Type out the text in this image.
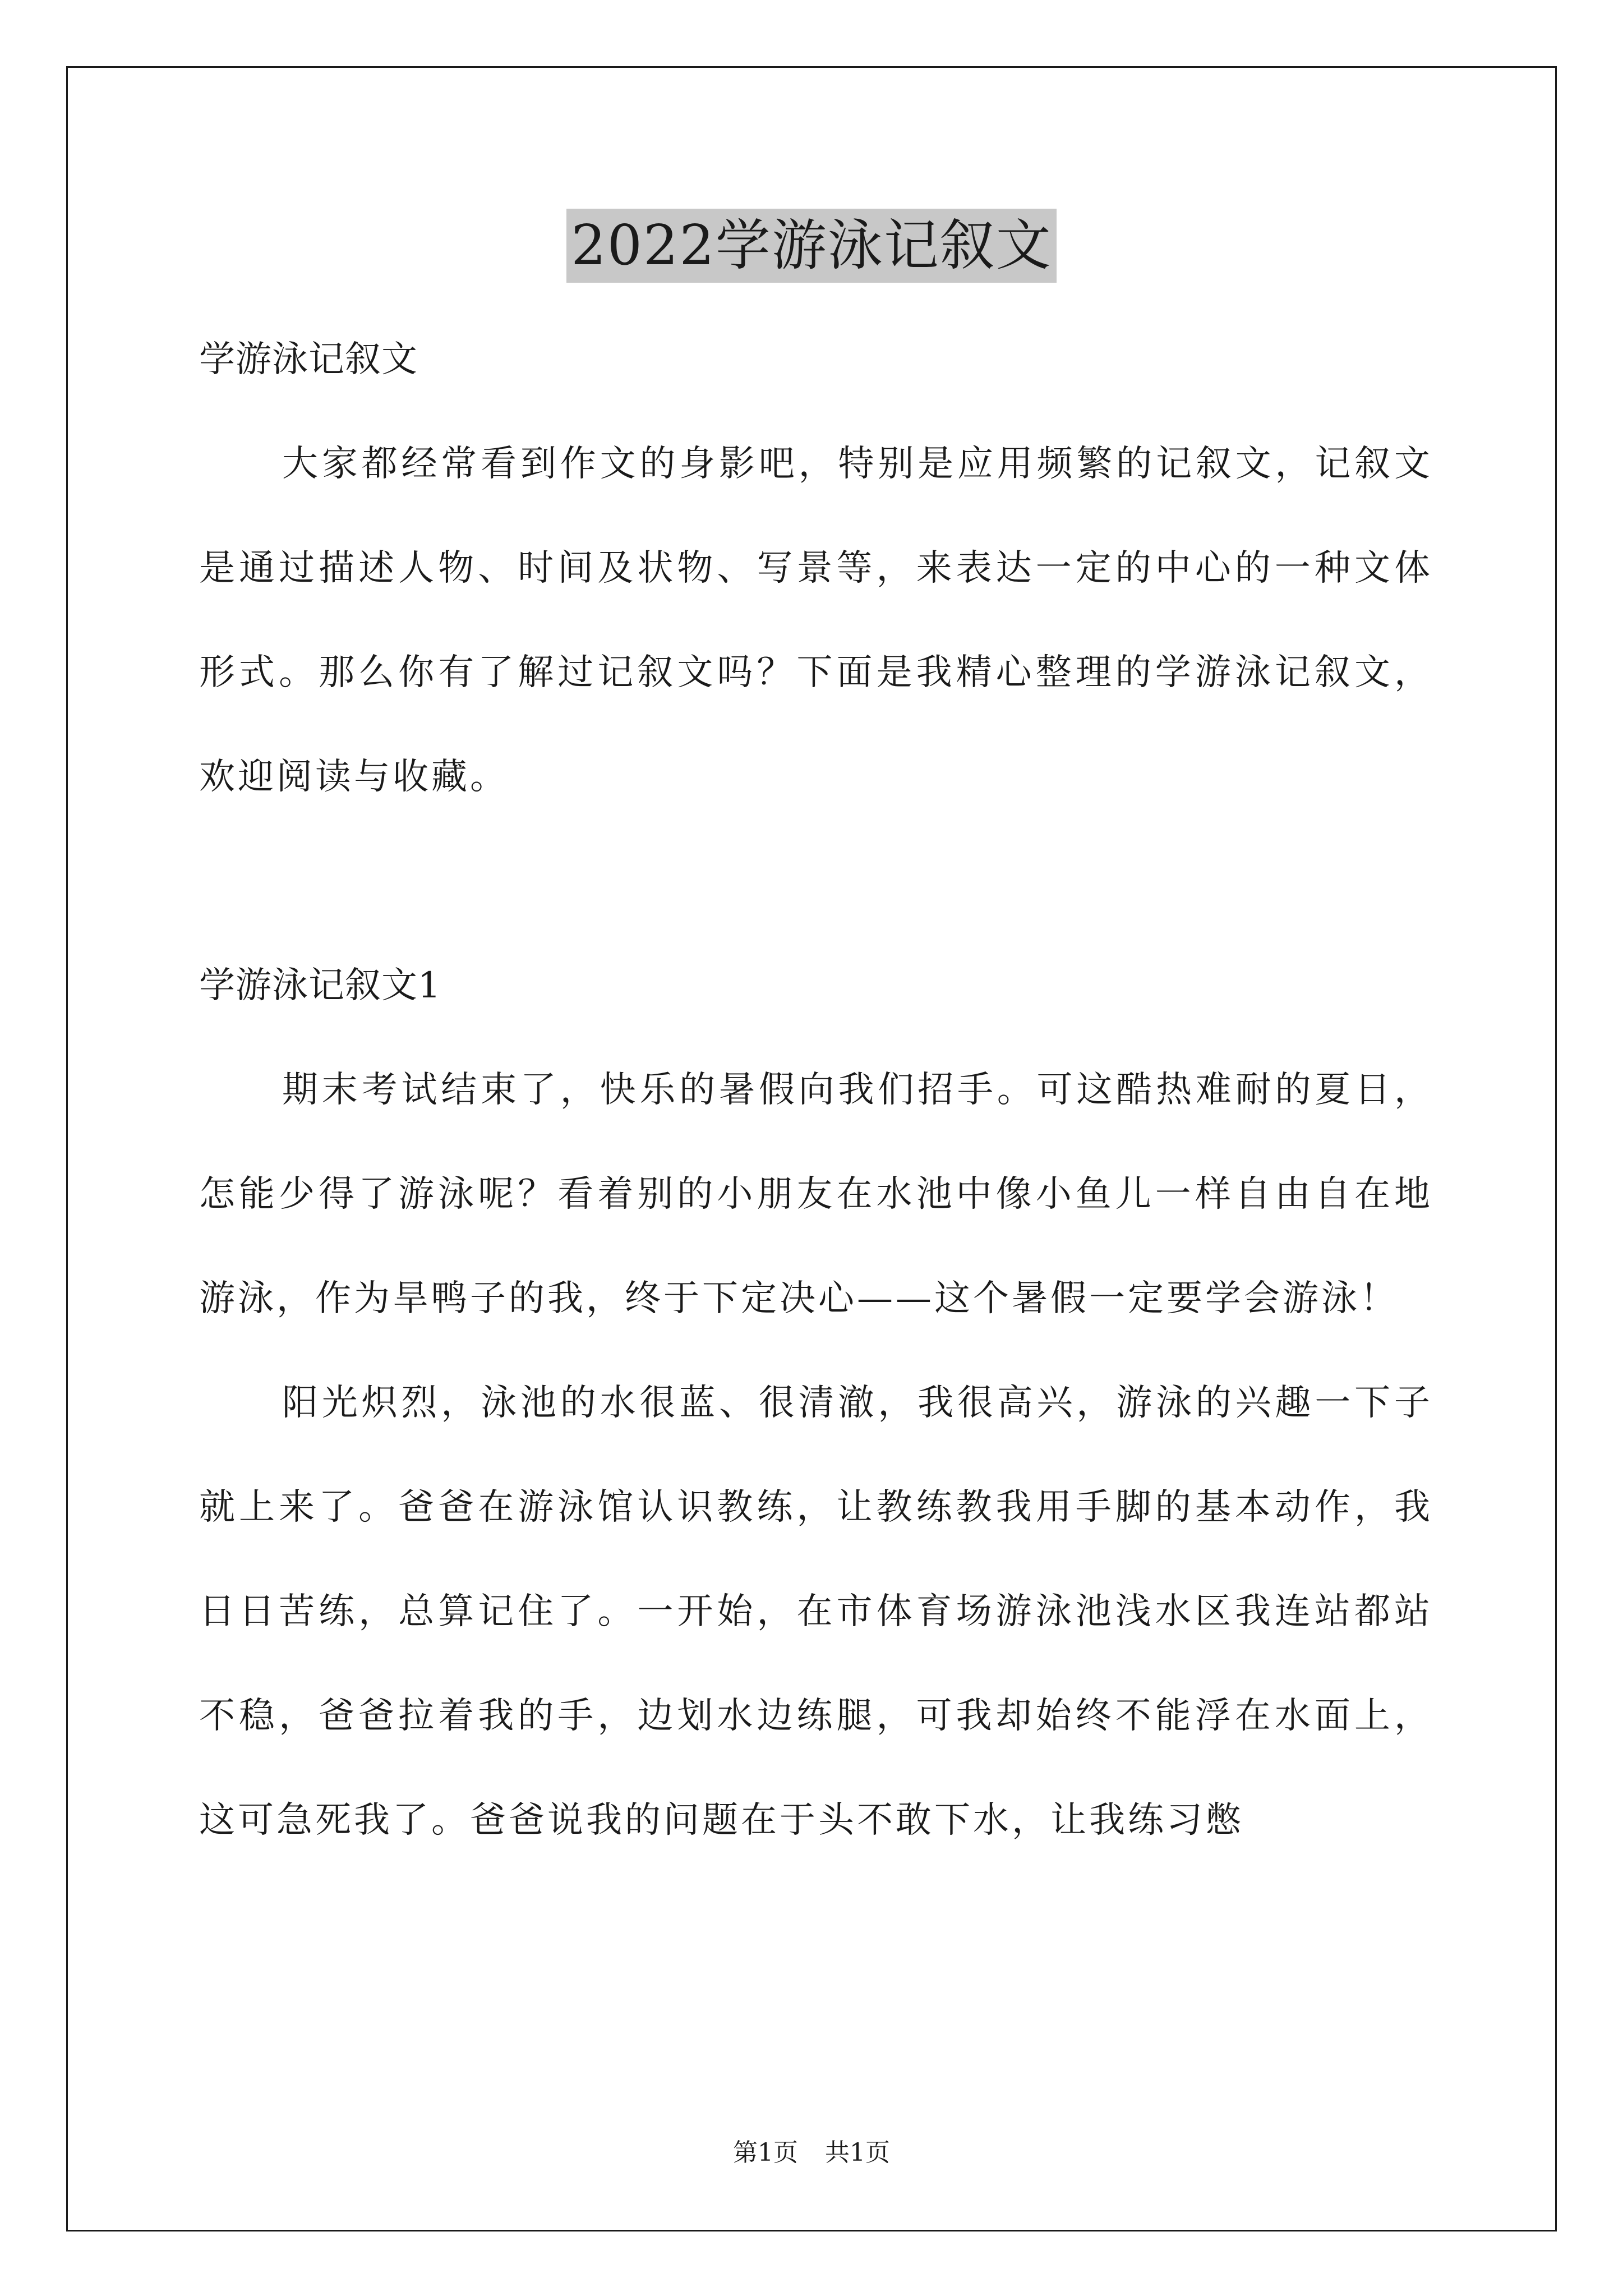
2022学游泳记叙文

学游泳记叙文

大家都经常看到作文的身影吧，特别是应用频繁的记叙文，记叙文是通过描述人物、时间及状物、写景等，来表达一定的中心的一种文体形式。那么你有了解过记叙文吗？下面是我精心整理的学游泳记叙文，欢迎阅读与收藏。

学游泳记叙文1

期末考试结束了，快乐的暑假向我们招手。可这酷热难耐的夏日，怎能少得了游泳呢？看着别的小朋友在水池中像小鱼儿一样自由自在地游泳，作为旱鸭子的我，终于下定决心——这个暑假一定要学会游泳！

阳光炽烈，泳池的水很蓝、很清澈，我很高兴，游泳的兴趣一下子就上来了。爸爸在游泳馆认识教练，让教练教我用手脚的基本动作，我日日苦练，总算记住了。一开始，在市体育场游泳池浅水区我连站都站不稳，爸爸拉着我的手，边划水边练腿，可我却始终不能浮在水面上，这可急死我了。爸爸说我的问题在于头不敢下水，让我练习憋

第1页 共1页
